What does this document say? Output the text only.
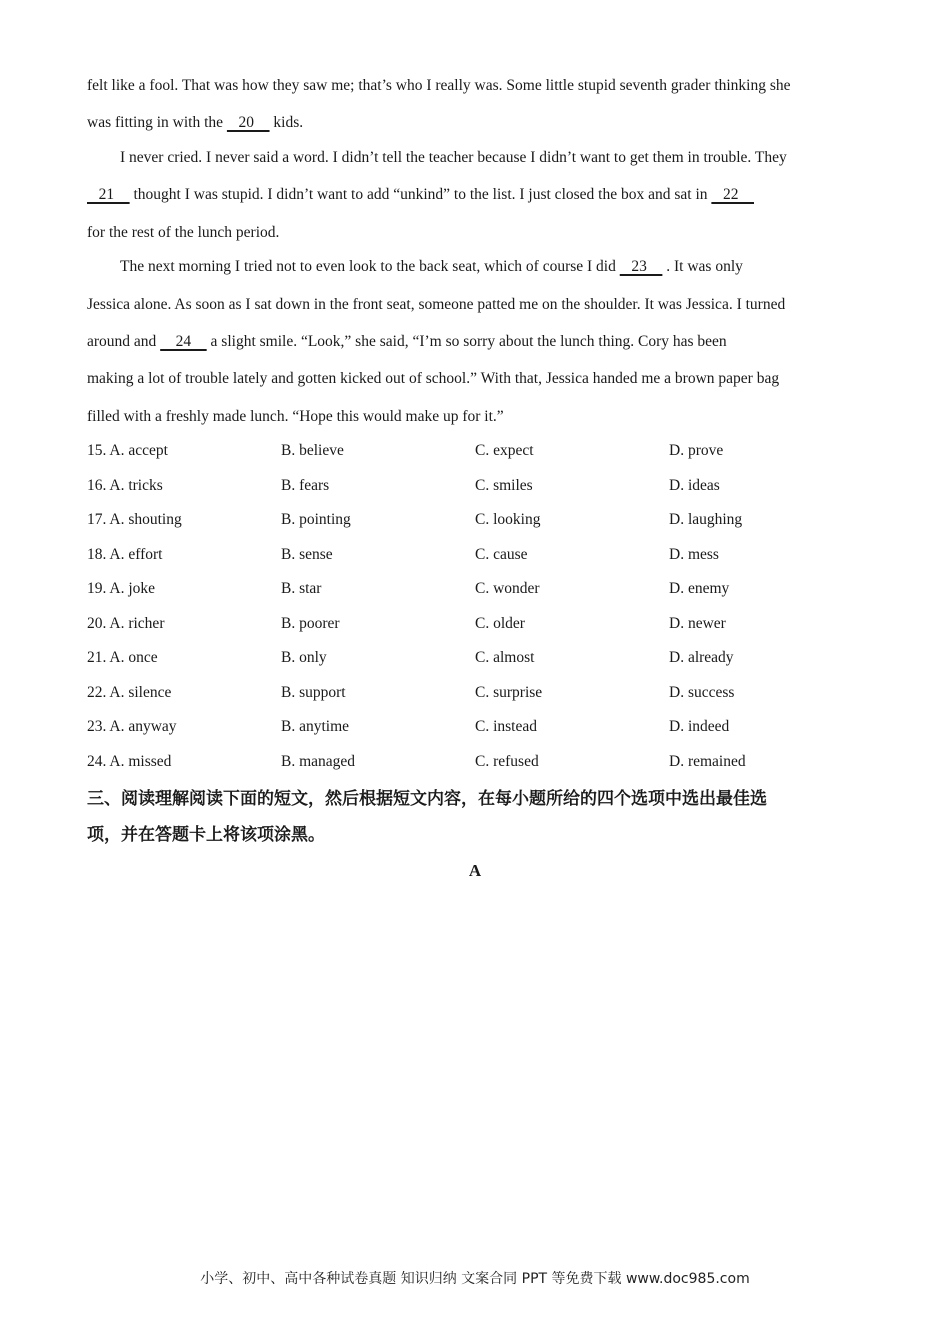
felt like a fool. That was how they saw me; that’s who I really was. Some little stupid seventh grader thinking she
was fitting in with the    20     kids.
I never cried. I never said a word. I didn’t tell the teacher because I didn’t want to get them in trouble. They
21     thought I was stupid. I didn’t want to add “unkind” to the list. I just closed the box and sat in    22
for the rest of the lunch period.
The next morning I tried not to even look to the back seat, which of course I did    23     . It was only
Jessica alone. As soon as I sat down in the front seat, someone patted me on the shoulder. It was Jessica. I turned
around and     24     a slight smile. “Look,” she said, “I’m so sorry about the lunch thing. Cory has been
making a lot of trouble lately and gotten kicked out of school.” With that, Jessica handed me a brown paper bag
filled with a freshly made lunch. “Hope this would make up for it.”
15. A. accept	B. believe	C. expect	D. prove
16. A. tricks	B. fears	C. smiles	D. ideas
17. A. shouting	B. pointing	C. looking	D. laughing
18. A. effort	B. sense	C. cause	D. mess
19. A. joke	B. star	C. wonder	D. enemy
20. A. richer	B. poorer	C. older	D. newer
21. A. once	B. only	C. almost	D. already
22. A. silence	B. support	C. surprise	D. success
23. A. anyway	B. anytime	C. instead	D. indeed
24. A. missed	B. managed	C. refused	D. remained
三、阅读理解阅读下面的短文，然后根据短文内容，在每小题所给的四个选项中选出最佳选
项，并在答题卡上将该项涂黑。
A
小学、初中、高中各种试卷真题 知识归纳 文案合同 PPT 等免费下载 www.doc985.com
